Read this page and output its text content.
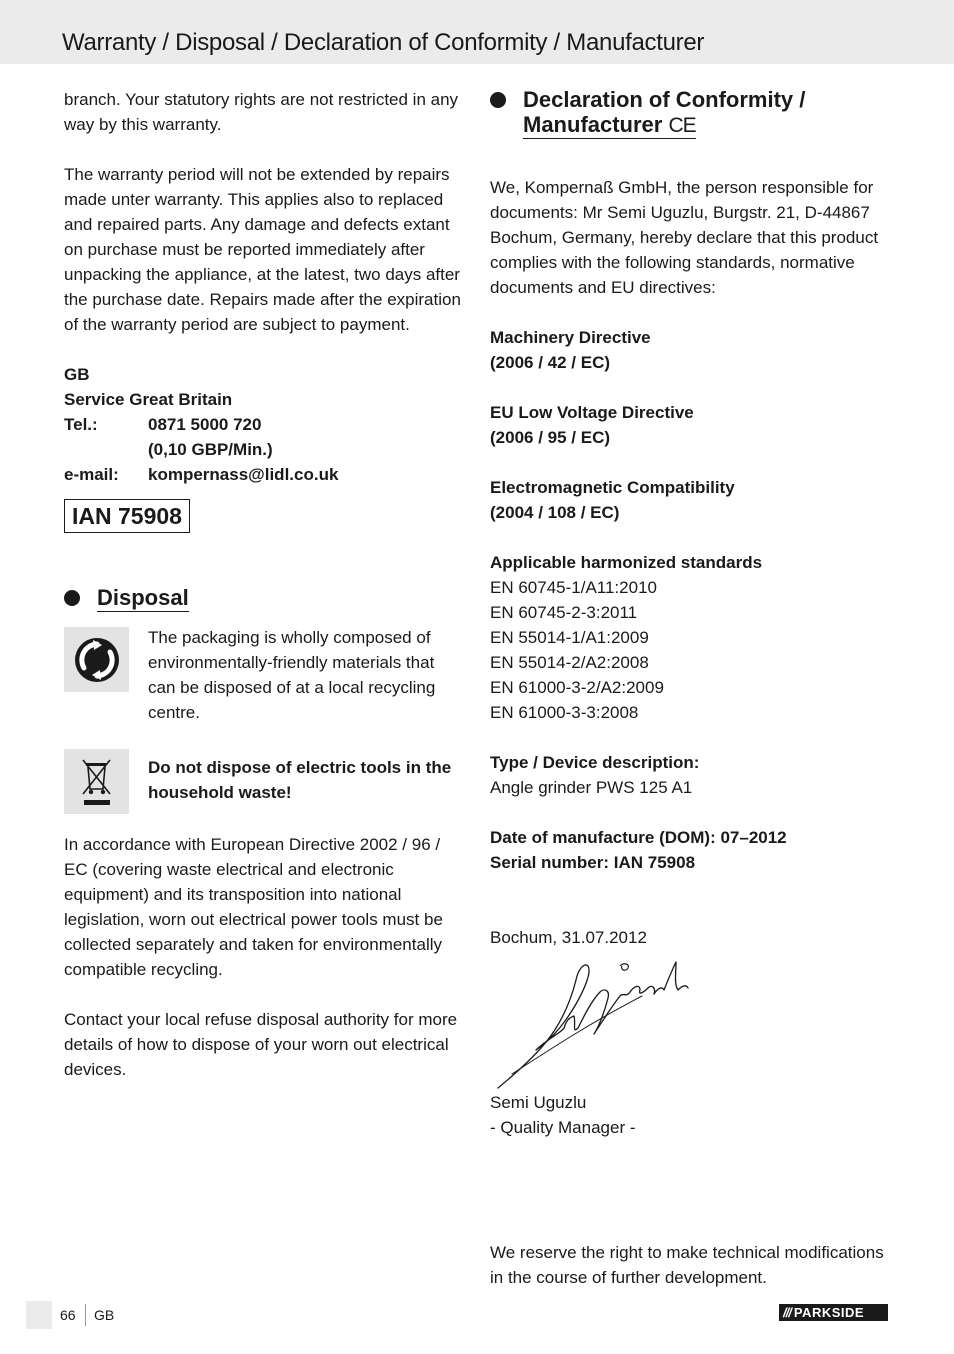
Warranty / Disposal / Declaration of Conformity / Manufacturer

branch. Your statutory rights are not restricted in any way by this warranty.

The warranty period will not be extended by repairs made unter warranty. This applies also to replaced and repaired parts. Any damage and defects extant on purchase must be reported immediately after unpacking the appliance, at the latest, two days after the purchase date. Repairs made after the expiration of the warranty period are subject to payment.

GB

Service Great Britain

Tel.:	0871 5000 720
(0,10 GBP/Min.)
e-mail:	kompernass@lidl.co.uk
IAN 75908
Disposal

The packaging is wholly composed of environmentally-friendly materials that can be disposed of at a local recycling centre.

Do not dispose of electric tools in the household waste!

In accordance with European Directive 2002 / 96 / EC (covering waste electrical and electronic equipment) and its transposition into national legislation, worn out electrical power tools must be collected separately and taken for environmentally compatible recycling.

Contact your local refuse disposal authority for more details of how to dispose of your worn out electrical devices.

Declaration of Conformity /
Manufacturer CE

We, Kompernaß GmbH, the person responsible for documents: Mr Semi Uguzlu, Burgstr. 21, D-44867 Bochum, Germany, hereby declare that this product complies with the following standards, normative documents and EU directives:

Machinery Directive

(2006 / 42 / EC)

EU Low Voltage Directive

(2006 / 95 / EC)

Electromagnetic Compatibility

(2004 / 108 / EC)

Applicable harmonized standards

EN 60745-1/A11:2010

EN 60745-2-3:2011

EN 55014-1/A1:2009

EN 55014-2/A2:2008

EN 61000-3-2/A2:2009

EN 61000-3-3:2008

Type / Device description:

Angle grinder PWS 125 A1

Date of manufacture (DOM): 07–2012

Serial number: IAN 75908

Bochum, 31.07.2012

Semi Uguzlu

- Quality Manager -

We reserve the right to make technical modifications in the course of further development.

66 GB	/// PARKSIDE
